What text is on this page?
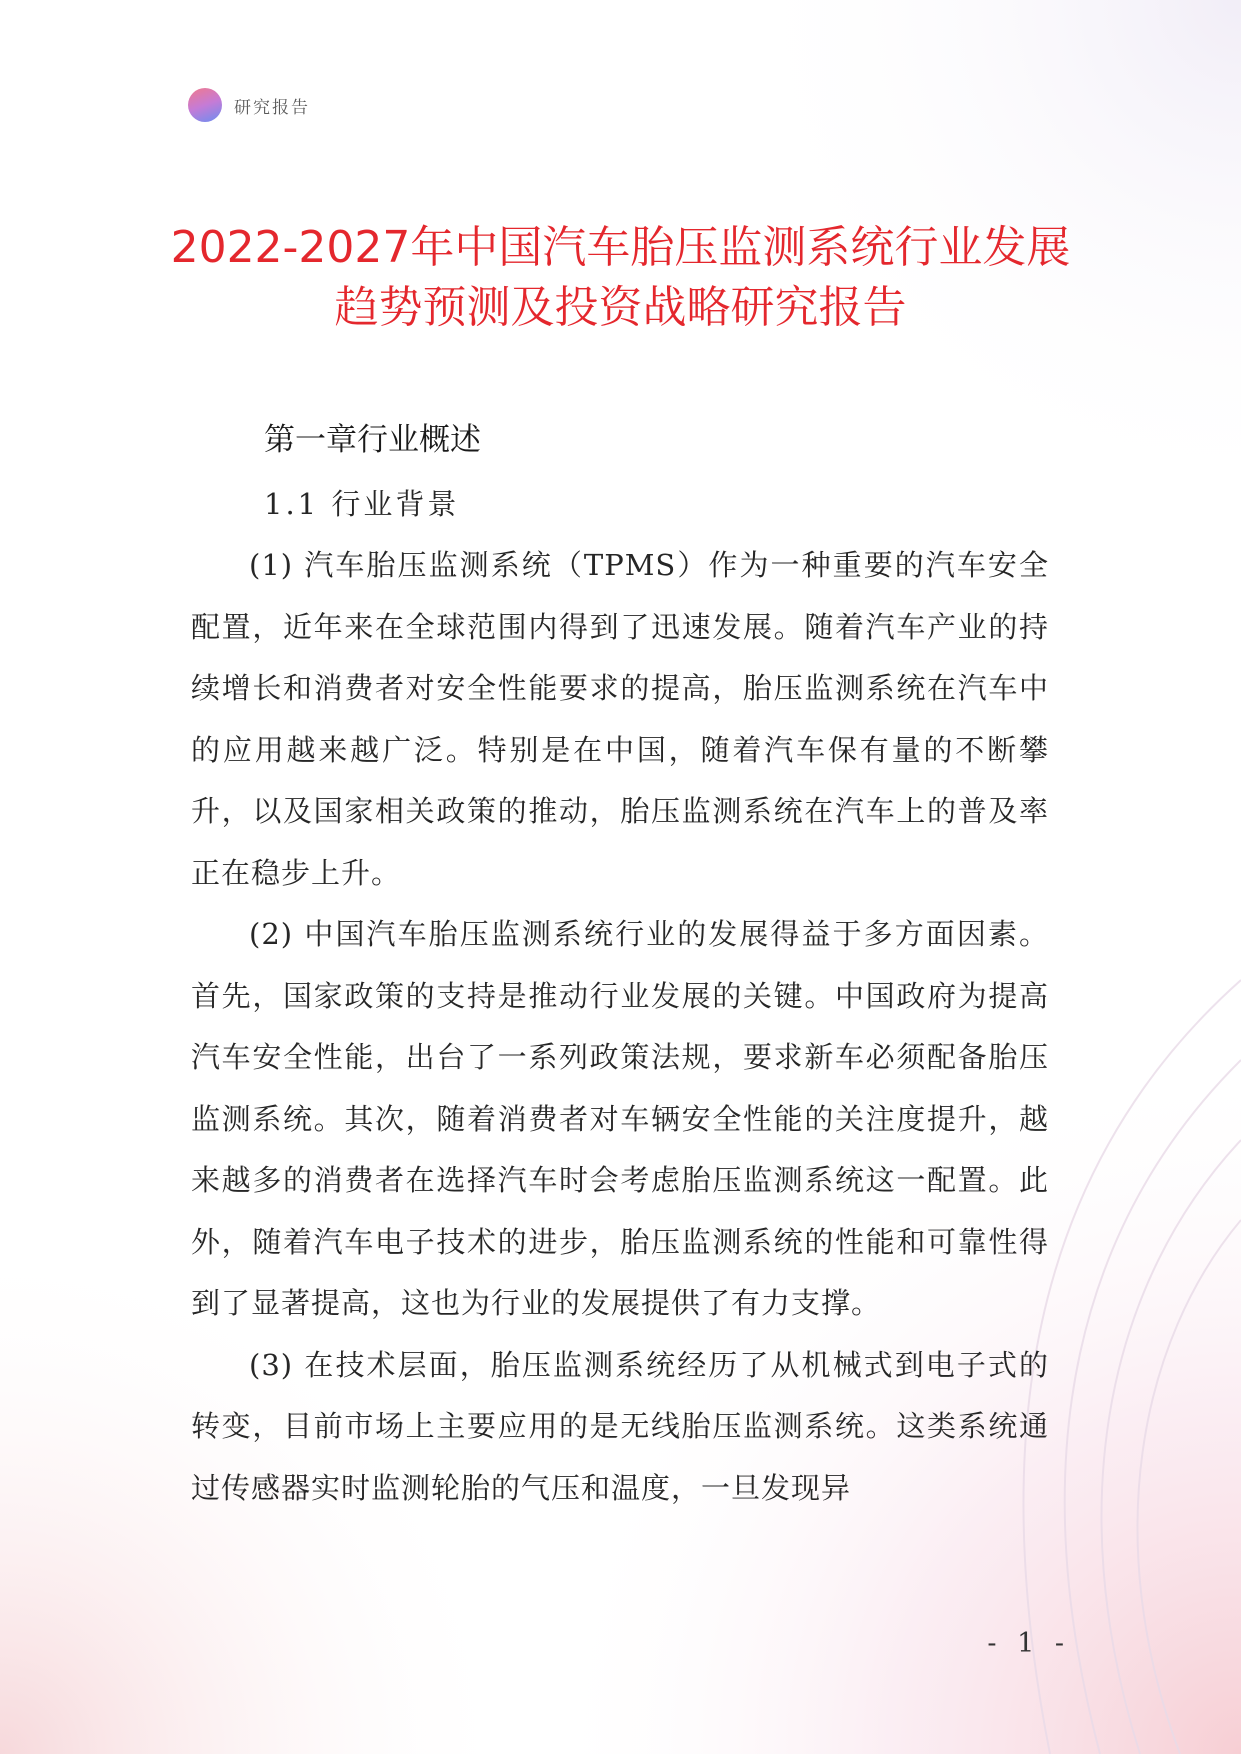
研究报告
2022-2027年中国汽车胎压监测系统行业发展趋势预测及投资战略研究报告
第一章行业概述
1.1 行业背景

(1) 汽车胎压监测系统（TPMS）作为一种重要的汽车安全配置，近年来在全球范围内得到了迅速发展。随着汽车产业的持续增长和消费者对安全性能要求的提高，胎压监测系统在汽车中的应用越来越广泛。特别是在中国，随着汽车保有量的不断攀升，以及国家相关政策的推动，胎压监测系统在汽车上的普及率正在稳步上升。

(2) 中国汽车胎压监测系统行业的发展得益于多方面因素。首先，国家政策的支持是推动行业发展的关键。中国政府为提高汽车安全性能，出台了一系列政策法规，要求新车必须配备胎压监测系统。其次，随着消费者对车辆安全性能的关注度提升，越来越多的消费者在选择汽车时会考虑胎压监测系统这一配置。此外，随着汽车电子技术的进步，胎压监测系统的性能和可靠性得到了显著提高，这也为行业的发展提供了有力支撑。

(3) 在技术层面，胎压监测系统经历了从机械式到电子式的转变，目前市场上主要应用的是无线胎压监测系统。这类系统通过传感器实时监测轮胎的气压和温度，一旦发现异

- 1 -
